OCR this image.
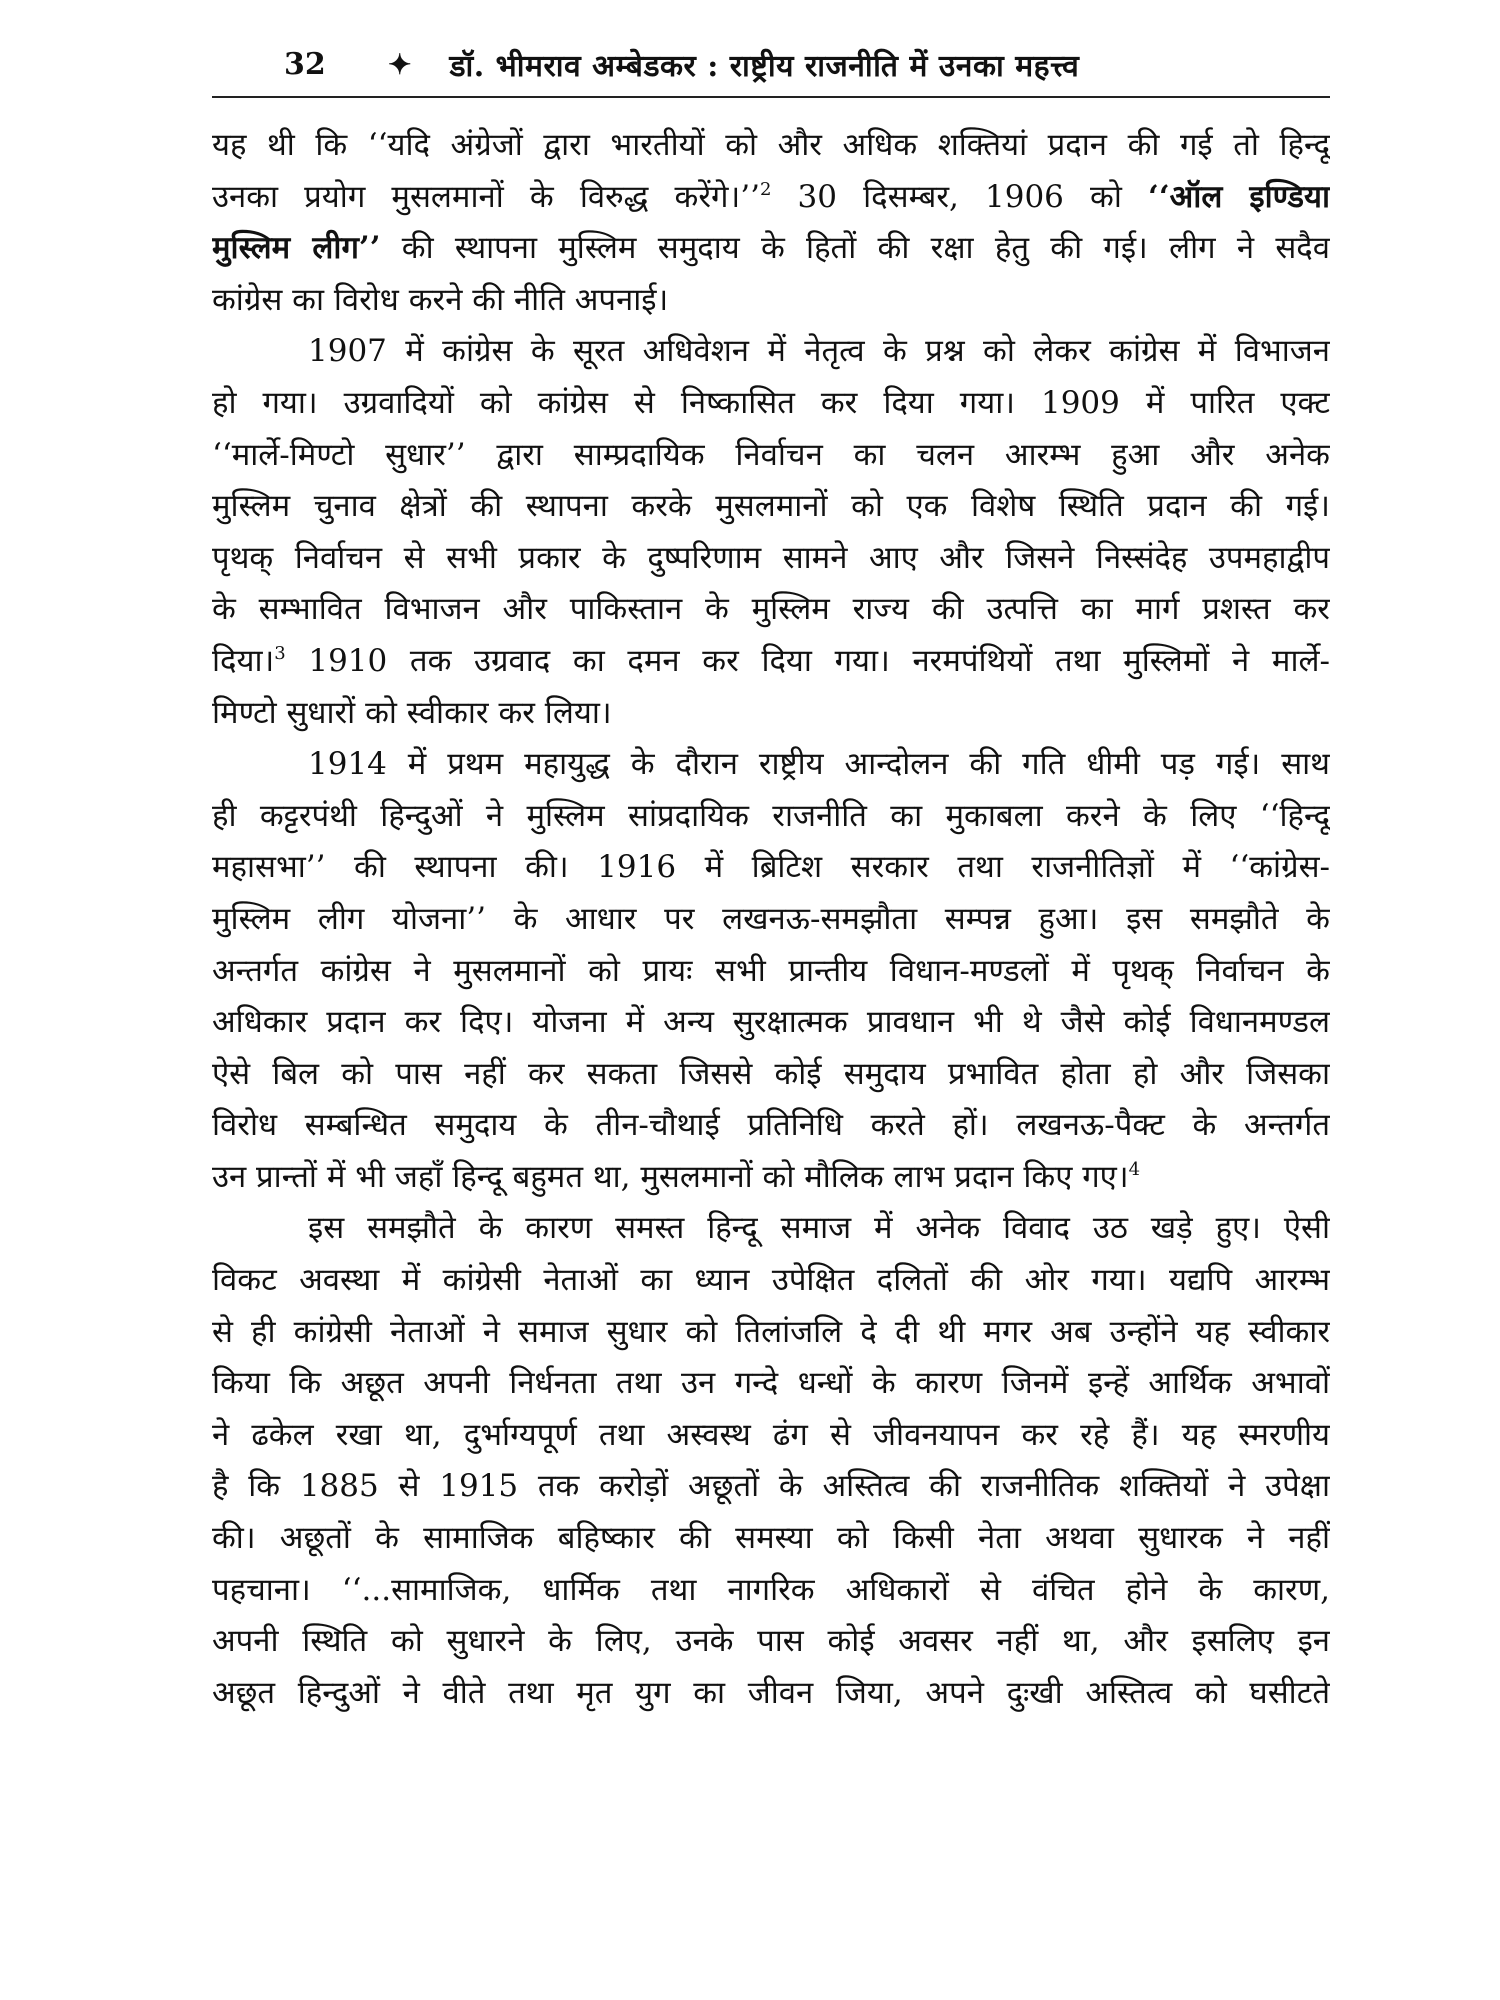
32	✦ डॉ. भीमराव अम्बेडकर : राष्ट्रीय राजनीति में उनका महत्त्व
यह थी कि ‘‘यदि अंग्रेजों द्वारा भारतीयों को और अधिक शक्तियां प्रदान की गई तो हिन्दू
उनका प्रयोग मुसलमानों के विरुद्ध करेंगे।’’$^2$ 30 दिसम्बर, 1906 को ‘‘ऑल इण्डिया
मुस्लिम लीग’’ की स्थापना मुस्लिम समुदाय के हितों की रक्षा हेतु की गई। लीग ने सदैव
कांग्रेस का विरोध करने की नीति अपनाई।
1907 में कांग्रेस के सूरत अधिवेशन में नेतृत्व के प्रश्न को लेकर कांग्रेस में विभाजन
हो गया। उग्रवादियों को कांग्रेस से निष्कासित कर दिया गया। 1909 में पारित एक्ट
‘‘मार्ले-मिण्टो सुधार’’ द्वारा साम्प्रदायिक निर्वाचन का चलन आरम्भ हुआ और अनेक
मुस्लिम चुनाव क्षेत्रों की स्थापना करके मुसलमानों को एक विशेष स्थिति प्रदान की गई।
पृथक् निर्वाचन से सभी प्रकार के दुष्परिणाम सामने आए और जिसने निस्संदेह उपमहाद्वीप
के सम्भावित विभाजन और पाकिस्तान के मुस्लिम राज्य की उत्पत्ति का मार्ग प्रशस्त कर
दिया।$^3$ 1910 तक उग्रवाद का दमन कर दिया गया। नरमपंथियों तथा मुस्लिमों ने मार्ले-
मिण्टो सुधारों को स्वीकार कर लिया।
1914 में प्रथम महायुद्ध के दौरान राष्ट्रीय आन्दोलन की गति धीमी पड़ गई। साथ
ही कट्टरपंथी हिन्दुओं ने मुस्लिम सांप्रदायिक राजनीति का मुकाबला करने के लिए ‘‘हिन्दू
महासभा’’ की स्थापना की। 1916 में ब्रिटिश सरकार तथा राजनीतिज्ञों में ‘‘कांग्रेस-
मुस्लिम लीग योजना’’ के आधार पर लखनऊ-समझौता सम्पन्न हुआ। इस समझौते के
अन्तर्गत कांग्रेस ने मुसलमानों को प्रायः सभी प्रान्तीय विधान-मण्डलों में पृथक् निर्वाचन के
अधिकार प्रदान कर दिए। योजना में अन्य सुरक्षात्मक प्रावधान भी थे जैसे कोई विधानमण्डल
ऐसे बिल को पास नहीं कर सकता जिससे कोई समुदाय प्रभावित होता हो और जिसका
विरोध सम्बन्धित समुदाय के तीन-चौथाई प्रतिनिधि करते हों। लखनऊ-पैक्ट के अन्तर्गत
उन प्रान्तों में भी जहाँ हिन्दू बहुमत था, मुसलमानों को मौलिक लाभ प्रदान किए गए।$^4$
इस समझौते के कारण समस्त हिन्दू समाज में अनेक विवाद उठ खड़े हुए। ऐसी
विकट अवस्था में कांग्रेसी नेताओं का ध्यान उपेक्षित दलितों की ओर गया। यद्यपि आरम्भ
से ही कांग्रेसी नेताओं ने समाज सुधार को तिलांजलि दे दी थी मगर अब उन्होंने यह स्वीकार
किया कि अछूत अपनी निर्धनता तथा उन गन्दे धन्धों के कारण जिनमें इन्हें आर्थिक अभावों
ने ढकेल रखा था, दुर्भाग्यपूर्ण तथा अस्वस्थ ढंग से जीवनयापन कर रहे हैं। यह स्मरणीय
है कि 1885 से 1915 तक करोड़ों अछूतों के अस्तित्व की राजनीतिक शक्तियों ने उपेक्षा
की। अछूतों के सामाजिक बहिष्कार की समस्या को किसी नेता अथवा सुधारक ने नहीं
पहचाना। ‘‘...सामाजिक, धार्मिक तथा नागरिक अधिकारों से वंचित होने के कारण,
अपनी स्थिति को सुधारने के लिए, उनके पास कोई अवसर नहीं था, और इसलिए इन
अछूत हिन्दुओं ने वीते तथा मृत युग का जीवन जिया, अपने दुःखी अस्तित्व को घसीटते
